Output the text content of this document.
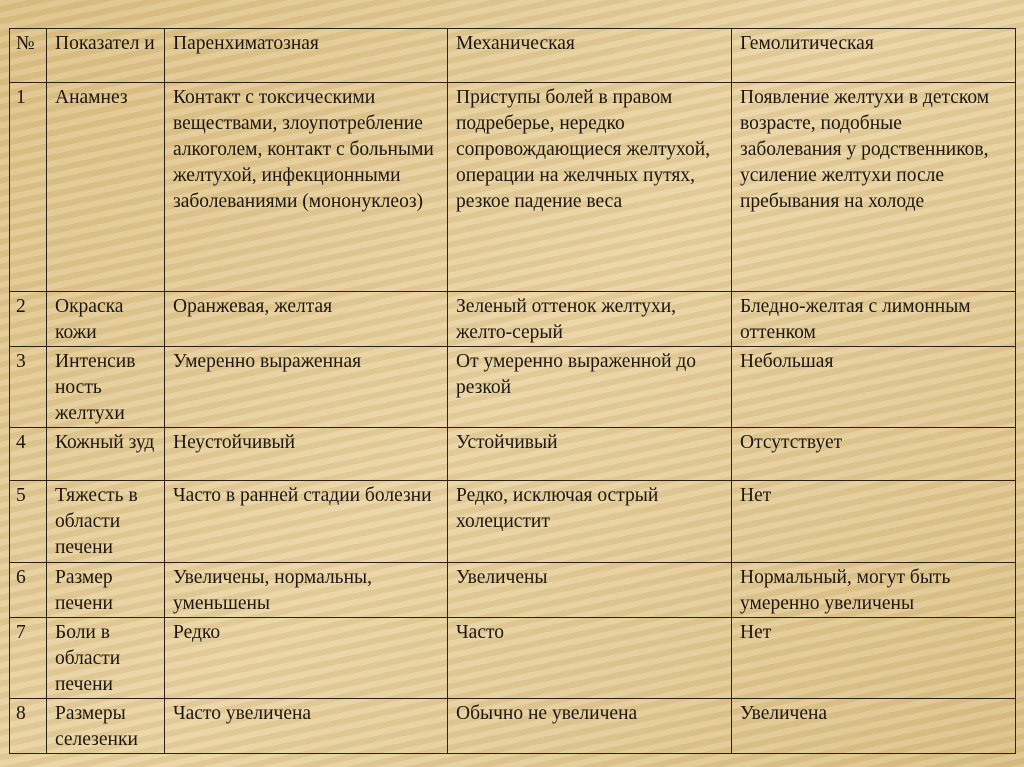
№	Показател и	Паренхиматозная	Механическая	Гемолитическая
1	Анамнез	Контакт с токсическими веществами, злоупотребление алкоголем, контакт с больными желтухой, инфекционными заболеваниями (мононуклеоз)	Приступы болей в правом подреберье, нередко сопровождающиеся желтухой, операции на желчных путях, резкое падение веса	Появление желтухи в детском возрасте, подобные заболевания у родственников, усиление желтухи после пребывания на холоде
2	Окраска кожи	Оранжевая, желтая	Зеленый оттенок желтухи, желто-серый	Бледно-желтая с лимонным оттенком
3	Интенсив ность желтухи	Умеренно выраженная	От умеренно выраженной до резкой	Небольшая
4	Кожный зуд	Неустойчивый	Устойчивый	Отсутствует
5	Тяжесть в области печени	Часто в ранней стадии болезни	Редко, исключая острый холецистит	Нет
6	Размер печени	Увеличены, нормальны, уменьшены	Увеличены	Нормальный, могут быть умеренно увеличены
7	Боли в области печени	Редко	Часто	Нет
8	Размеры селезенки	Часто увеличена	Обычно не увеличена	Увеличена
